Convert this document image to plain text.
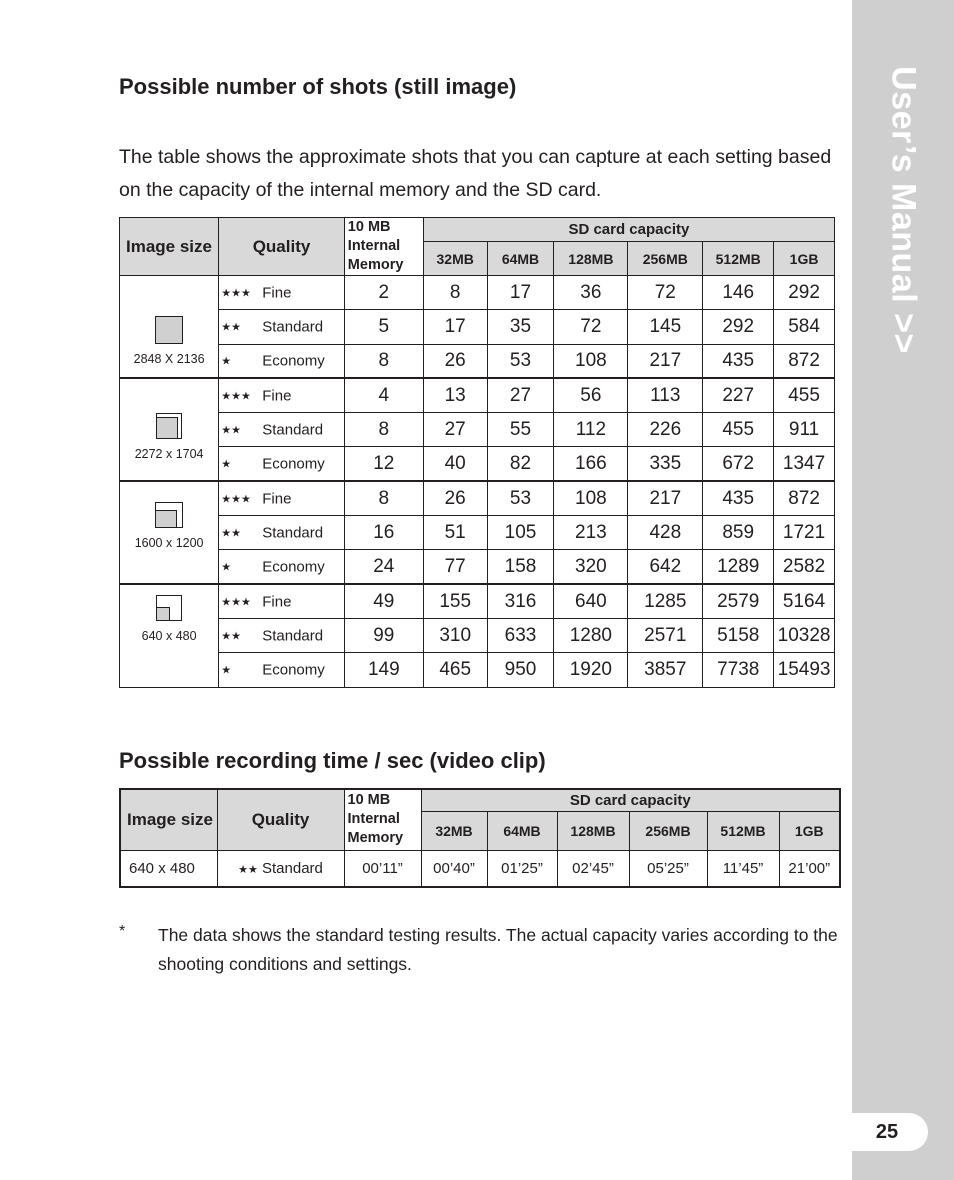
User’s Manual >>
25
Possible number of shots (still image)

The table shows the approximate shots that you can capture at each setting based on the capacity of the internal memory and the SD card.

Image size	Quality	10 MB Internal Memory	SD card capacity					
			32MB	64MB	128MB	256MB	512MB	1GB

2848 X 2136	★★★ Fine	2	8	17	36	72	146	292

	★★ Standard	5	17	35	72	145	292	584

	★ Economy	8	26	53	108	217	435	872

2272 x 1704	★★★ Fine	4	13	27	56	113	227	455

	★★ Standard	8	27	55	112	226	455	911

	★ Economy	12	40	82	166	335	672	1347

1600 x 1200	★★★ Fine	8	26	53	108	217	435	872

	★★ Standard	16	51	105	213	428	859	1721

	★ Economy	24	77	158	320	642	1289	2582

640 x 480	★★★ Fine	49	155	316	640	1285	2579	5164

	★★ Standard	99	310	633	1280	2571	5158	10328

	★ Economy	149	465	950	1920	3857	7738	15493
Possible recording time / sec (video clip)
Image size	Quality	10 MB Internal Memory	SD card capacity					
			32MB	64MB	128MB	256MB	512MB	1GB
640 x 480	★★ Standard	00’11”	00’40”	01’25”	02’45”	05’25”	11’45”	21’00”
* The data shows the standard testing results. The actual capacity varies according to the shooting conditions and settings.
